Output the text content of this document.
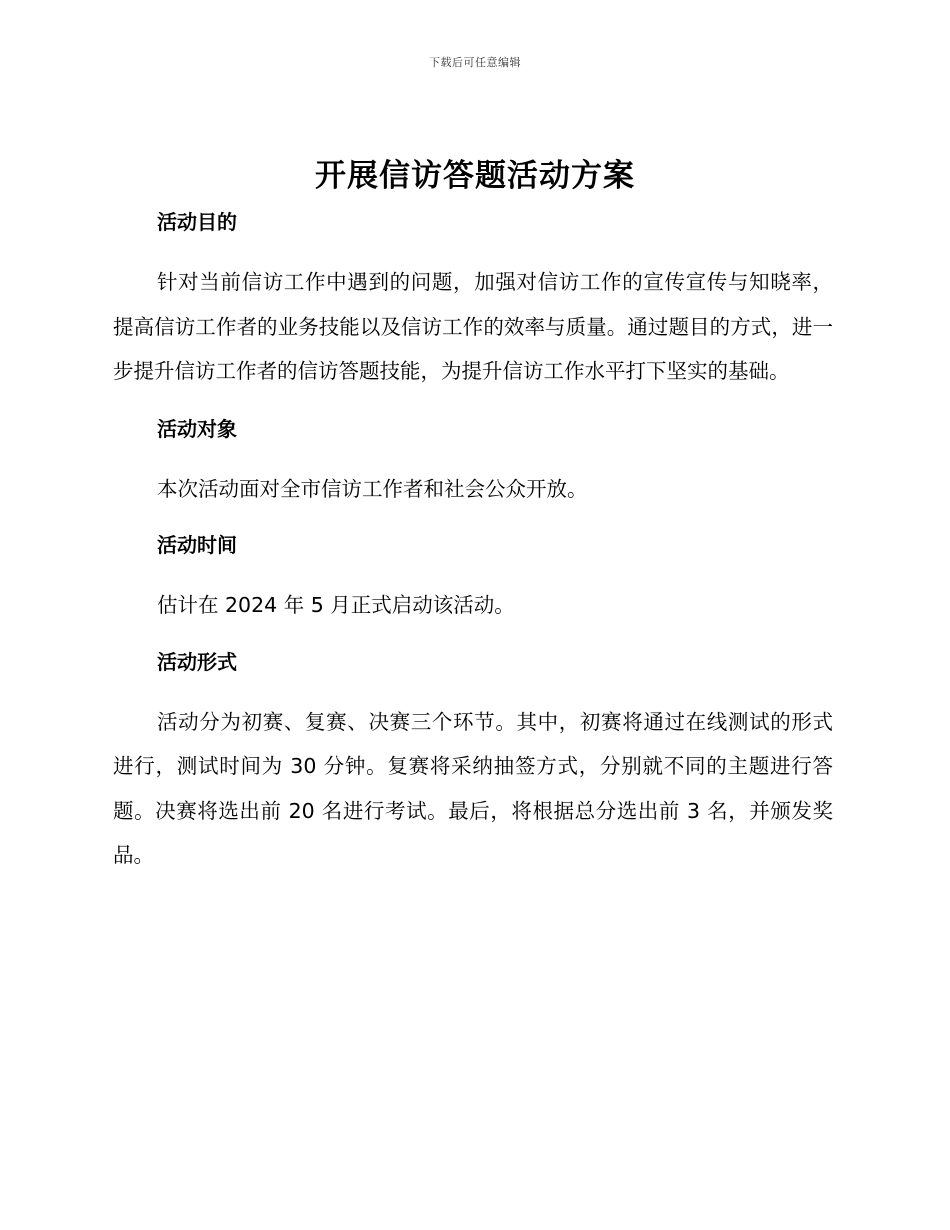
下载后可任意编辑
开展信访答题活动方案
活动目的

针对当前信访工作中遇到的问题，加强对信访工作的宣传宣传与知晓率，提高信访工作者的业务技能以及信访工作的效率与质量。通过题目的方式，进一步提升信访工作者的信访答题技能，为提升信访工作水平打下坚实的基础。

活动对象

本次活动面对全市信访工作者和社会公众开放。

活动时间

估计在 2024 年 5 月正式启动该活动。

活动形式

活动分为初赛、复赛、决赛三个环节。其中，初赛将通过在线测试的形式进行，测试时间为 30 分钟。复赛将采纳抽签方式，分别就不同的主题进行答题。决赛将选出前 20 名进行考试。最后，将根据总分选出前 3 名，并颁发奖品。
